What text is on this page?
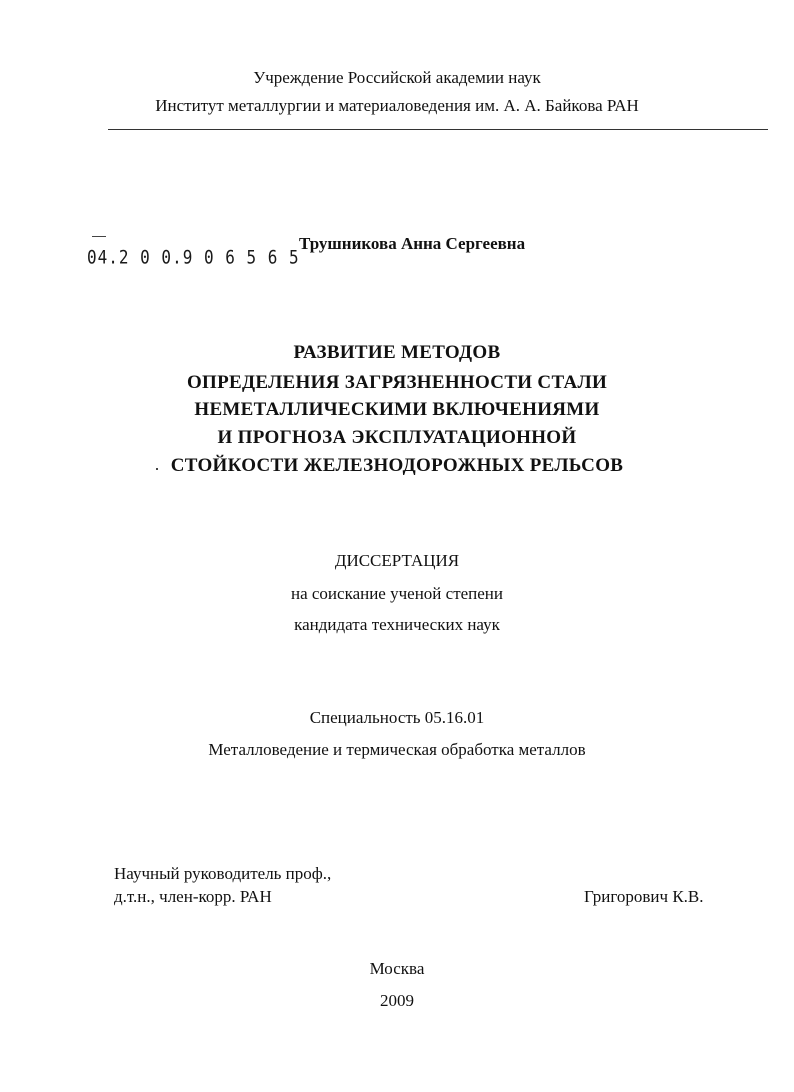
Учреждение Российской академии наук
Институт металлургии и материаловедения им. А. А. Байкова РАН
04.2 0 0.9 0 6 5 6 5
Трушникова Анна Сергеевна
РАЗВИТИЕ МЕТОДОВ
ОПРЕДЕЛЕНИЯ ЗАГРЯЗНЕННОСТИ СТАЛИ
НЕМЕТАЛЛИЧЕСКИМИ ВКЛЮЧЕНИЯМИ
И ПРОГНОЗА ЭКСПЛУАТАЦИОННОЙ
СТОЙКОСТИ ЖЕЛЕЗНОДОРОЖНЫХ РЕЛЬСОВ
ДИССЕРТАЦИЯ
на соискание ученой степени
кандидата технических наук
Специальность 05.16.01
Металловедение и термическая обработка металлов
Научный руководитель проф.,
д.т.н., член-корр. РАН	Григорович К.В.
Москва
2009
